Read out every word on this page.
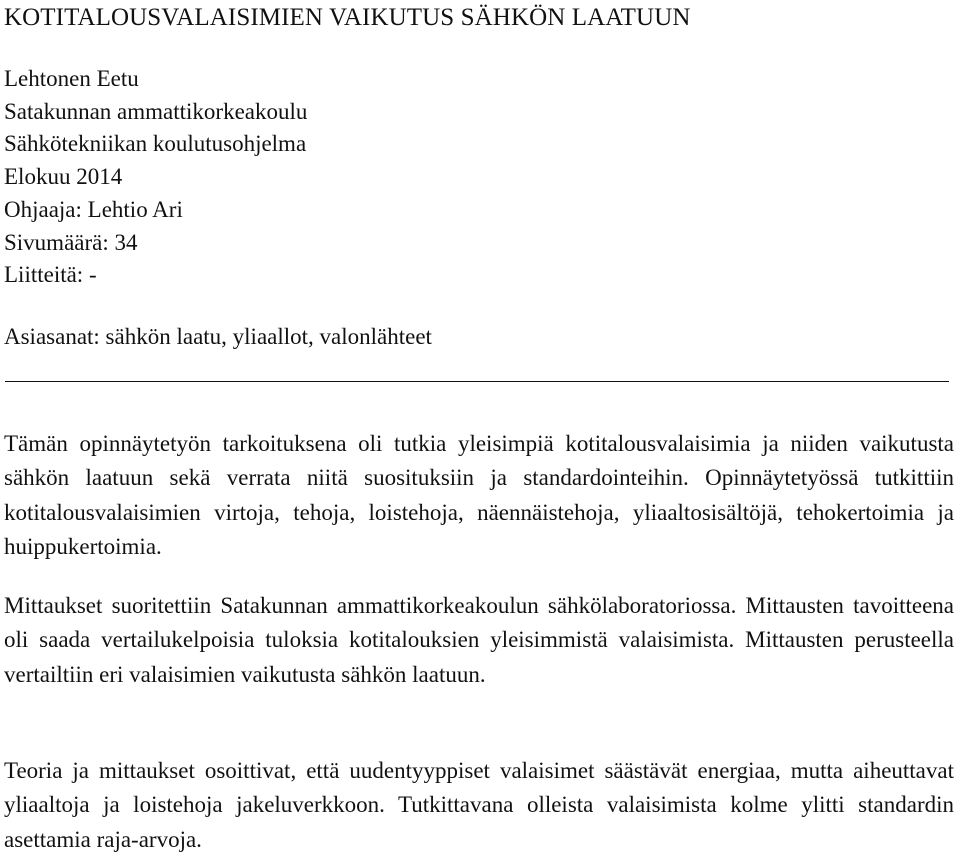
KOTITALOUSVALAISIMIEN VAIKUTUS SÄHKÖN LAATUUN
Lehtonen Eetu
Satakunnan ammattikorkeakoulu
Sähkötekniikan koulutusohjelma
Elokuu 2014
Ohjaaja: Lehtio Ari
Sivumäärä: 34
Liitteitä: -
Asiasanat: sähkön laatu, yliaallot, valonlähteet

Tämän opinnäytetyön tarkoituksena oli tutkia yleisimpiä kotitalousvalaisimia ja niiden vaikutusta sähkön laatuun sekä verrata niitä suosituksiin ja standardointeihin. Opinnäytetyössä tutkittiin kotitalousvalaisimien virtoja, tehoja, loistehoja, näennäistehoja, yliaaltosisältöjä, tehokertoimia ja huippukertoimia.

Mittaukset suoritettiin Satakunnan ammattikorkeakoulun sähkölaboratoriossa. Mittausten tavoitteena oli saada vertailukelpoisia tuloksia kotitalouksien yleisimmistä valaisimista. Mittausten perusteella vertailtiin eri valaisimien vaikutusta sähkön laatuun.

Teoria ja mittaukset osoittivat, että uudentyyppiset valaisimet säästävät energiaa, mutta aiheuttavat yliaaltoja ja loistehoja jakeluverkkoon. Tutkittavana olleista valaisimista kolme ylitti standardin asettamia raja-arvoja.
